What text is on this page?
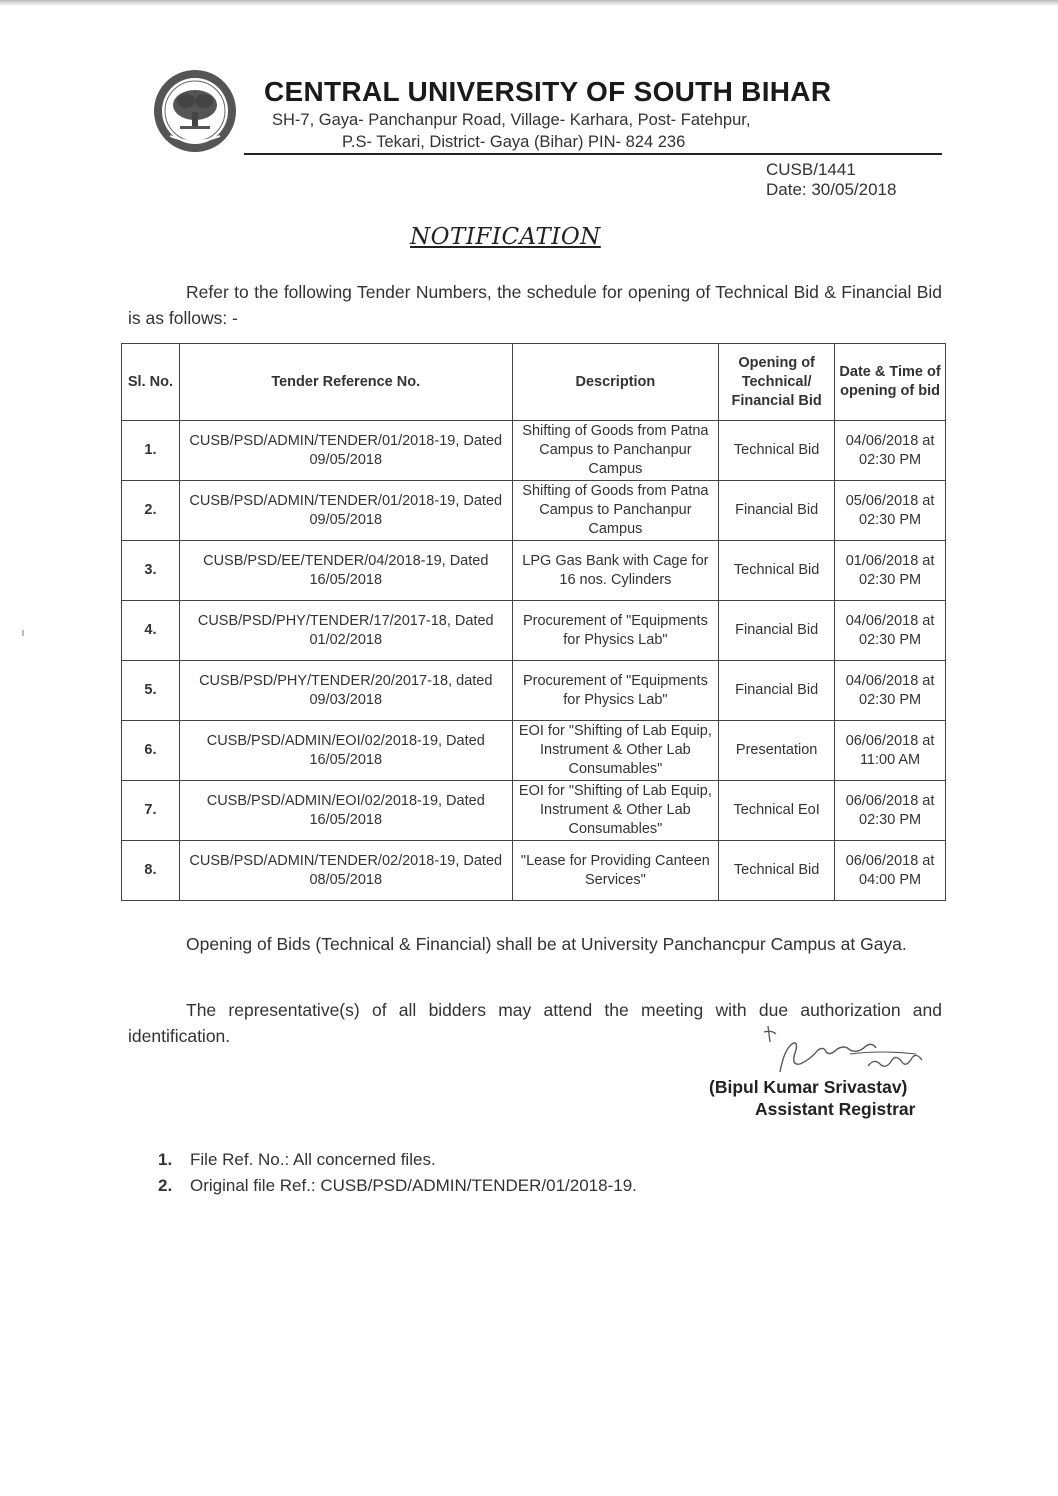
CENTRAL UNIVERSITY OF SOUTH BIHAR
SH-7, Gaya- Panchanpur Road, Village- Karhara, Post- Fatehpur,
P.S- Tekari, District- Gaya (Bihar) PIN- 824 236
CUSB/1441
Date: 30/05/2018
NOTIFICATION
Refer to the following Tender Numbers, the schedule for opening of Technical Bid & Financial Bid is as follows: -
Sl. No.	Tender Reference No.	Description	Opening of Technical/ Financial Bid	Date & Time of opening of bid
1.	CUSB/PSD/ADMIN/TENDER/01/2018-19, Dated 09/05/2018	Shifting of Goods from Patna Campus to Panchanpur Campus	Technical Bid	04/06/2018 at 02:30 PM
2.	CUSB/PSD/ADMIN/TENDER/01/2018-19, Dated 09/05/2018	Shifting of Goods from Patna Campus to Panchanpur Campus	Financial Bid	05/06/2018 at 02:30 PM
3.	CUSB/PSD/EE/TENDER/04/2018-19, Dated 16/05/2018	LPG Gas Bank with Cage for 16 nos. Cylinders	Technical Bid	01/06/2018 at 02:30 PM
4.	CUSB/PSD/PHY/TENDER/17/2017-18, Dated 01/02/2018	Procurement of "Equipments for Physics Lab"	Financial Bid	04/06/2018 at 02:30 PM
5.	CUSB/PSD/PHY/TENDER/20/2017-18, dated 09/03/2018	Procurement of "Equipments for Physics Lab"	Financial Bid	04/06/2018 at 02:30 PM
6.	CUSB/PSD/ADMIN/EOI/02/2018-19, Dated 16/05/2018	EOI for "Shifting of Lab Equip, Instrument & Other Lab Consumables"	Presentation	06/06/2018 at 11:00 AM
7.	CUSB/PSD/ADMIN/EOI/02/2018-19, Dated 16/05/2018	EOI for "Shifting of Lab Equip, Instrument & Other Lab Consumables"	Technical EoI	06/06/2018 at 02:30 PM
8.	CUSB/PSD/ADMIN/TENDER/02/2018-19, Dated 08/05/2018	"Lease for Providing Canteen Services"	Technical Bid	06/06/2018 at 04:00 PM
Opening of Bids (Technical & Financial) shall be at University Panchancpur Campus at Gaya.
The representative(s) of all bidders may attend the meeting with due authorization and identification.
(Bipul Kumar Srivastav)
Assistant Registrar
1. File Ref. No.: All concerned files.
2. Original file Ref.: CUSB/PSD/ADMIN/TENDER/01/2018-19.
